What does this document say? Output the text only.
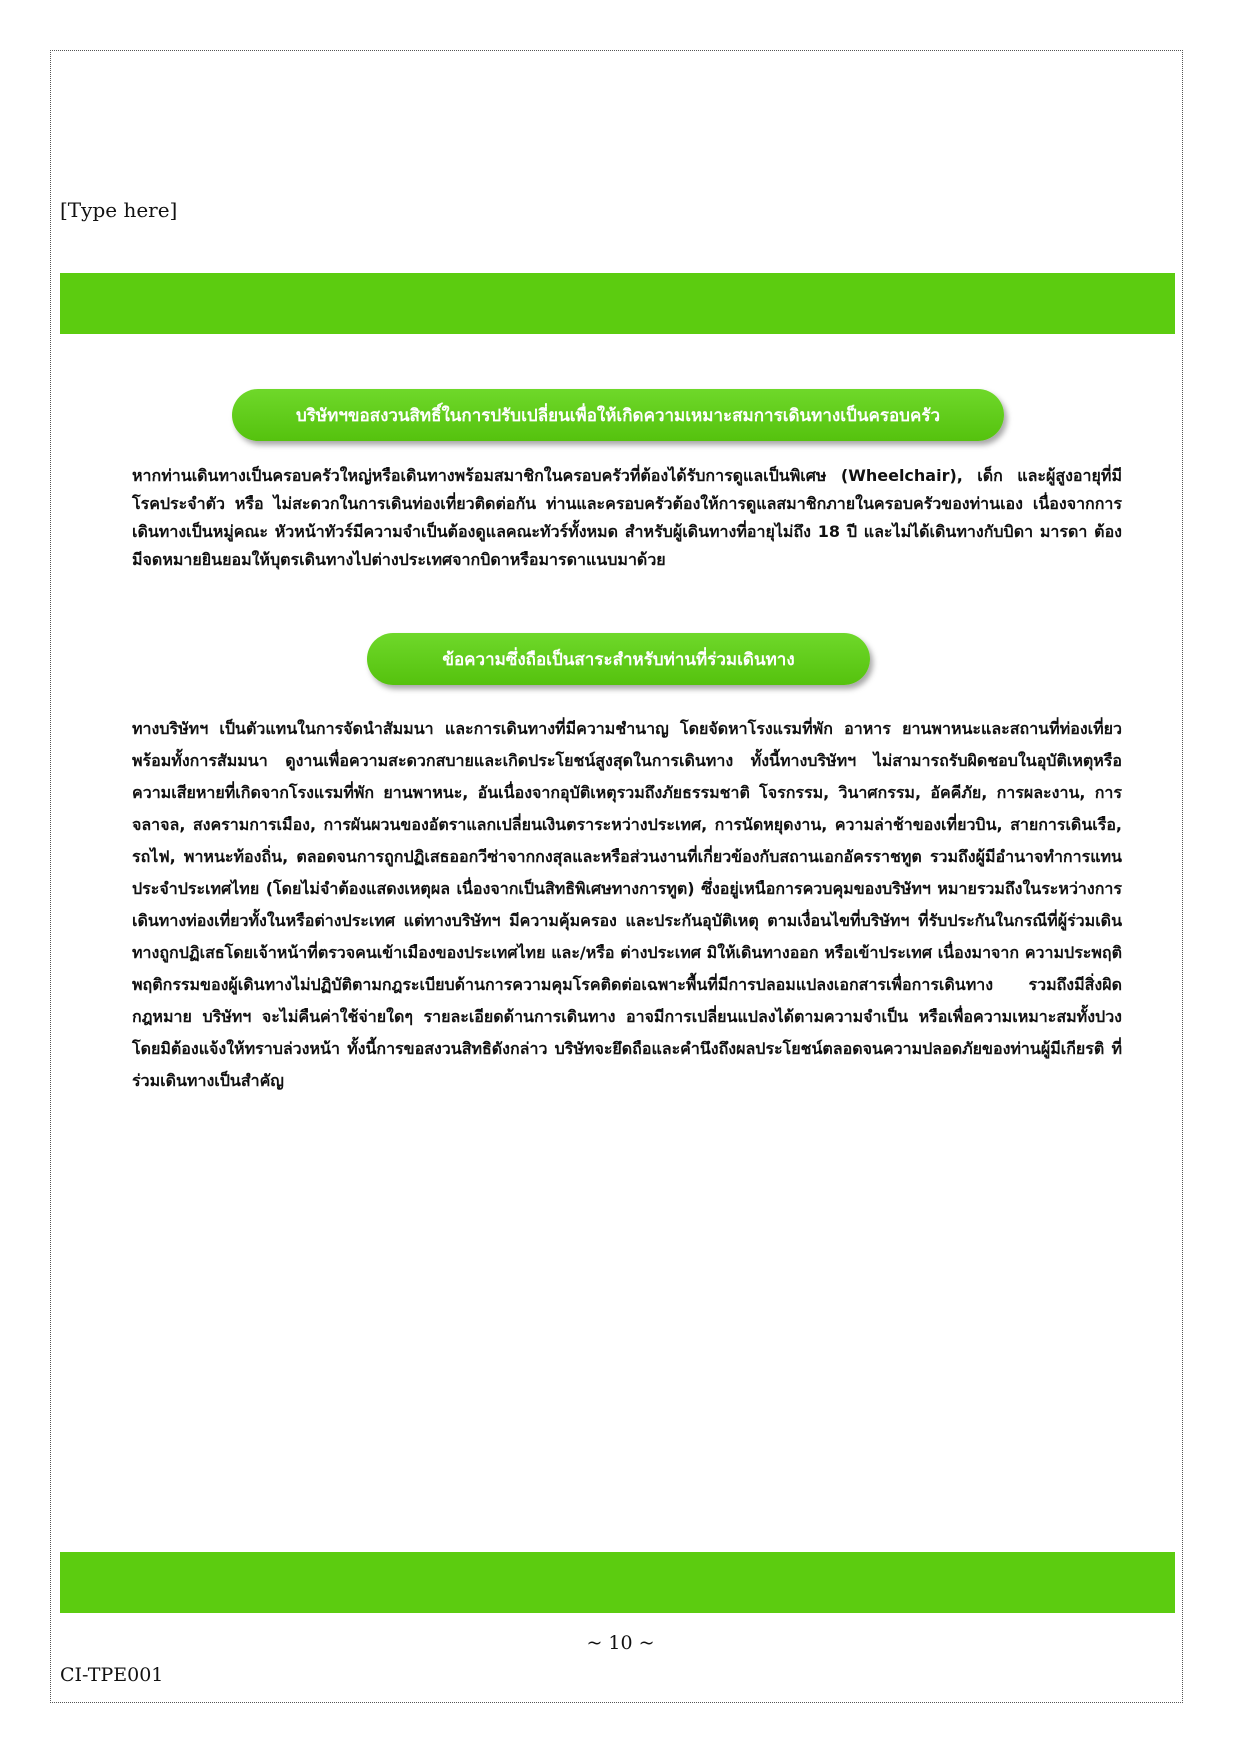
[Type here]
บริษัทฯขอสงวนสิทธิ์ในการปรับเปลี่ยนเพื่อให้เกิดความเหมาะสมการเดินทางเป็นครอบครัว

หากท่านเดินทางเป็นครอบครัวใหญ่หรือเดินทางพร้อมสมาชิกในครอบครัวที่ต้องได้รับการดูแลเป็นพิเศษ (Wheelchair), เด็ก และผู้สูงอายุที่มีโรคประจำตัว หรือ ไม่สะดวกในการเดินท่องเที่ยวติดต่อกัน ท่านและครอบครัวต้องให้การดูแลสมาชิกภายในครอบครัวของท่านเอง เนื่องจากการเดินทางเป็นหมู่คณะ หัวหน้าทัวร์มีความจำเป็นต้องดูแลคณะทัวร์ทั้งหมด สำหรับผู้เดินทางที่อายุไม่ถึง 18 ปี และไม่ได้เดินทางกับบิดา มารดา ต้องมีจดหมายยินยอมให้บุตรเดินทางไปต่างประเทศจากบิดาหรือมารดาแนบมาด้วย

ข้อความซึ่งถือเป็นสาระสำหรับท่านที่ร่วมเดินทาง

ทางบริษัทฯ เป็นตัวแทนในการจัดนำสัมมนา และการเดินทางที่มีความชำนาญ โดยจัดหาโรงแรมที่พัก อาหาร ยานพาหนะและสถานที่ท่องเที่ยวพร้อมทั้งการสัมมนา ดูงานเพื่อความสะดวกสบายและเกิดประโยชน์สูงสุดในการเดินทาง ทั้งนี้ทางบริษัทฯ ไม่สามารถรับผิดชอบในอุบัติเหตุหรือความเสียหายที่เกิดจากโรงแรมที่พัก ยานพาหนะ, อันเนื่องจากอุบัติเหตุรวมถึงภัยธรรมชาติ โจรกรรม, วินาศกรรม, อัคคีภัย, การผละงาน, การจลาจล, สงครามการเมือง, การผันผวนของอัตราแลกเปลี่ยนเงินตราระหว่างประเทศ, การนัดหยุดงาน, ความล่าช้าของเที่ยวบิน, สายการเดินเรือ, รถไฟ, พาหนะท้องถิ่น, ตลอดจนการถูกปฏิเสธออกวีซ่าจากกงสุลและหรือส่วนงานที่เกี่ยวข้องกับสถานเอกอัครราชทูต รวมถึงผู้มีอำนาจทำการแทนประจำประเทศไทย (โดยไม่จำต้องแสดงเหตุผล เนื่องจากเป็นสิทธิพิเศษทางการทูต) ซึ่งอยู่เหนือการควบคุมของบริษัทฯ หมายรวมถึงในระหว่างการเดินทางท่องเที่ยวทั้งในหรือต่างประเทศ แต่ทางบริษัทฯ มีความคุ้มครอง และประกันอุบัติเหตุ ตามเงื่อนไขที่บริษัทฯ ที่รับประกันในกรณีที่ผู้ร่วมเดินทางถูกปฏิเสธโดยเจ้าหน้าที่ตรวจคนเข้าเมืองของประเทศไทย และ/หรือ ต่างประเทศ มิให้เดินทางออก หรือเข้าประเทศ เนื่องมาจาก ความประพฤติ พฤติกรรมของผู้เดินทางไม่ปฏิบัติตามกฎระเบียบด้านการความคุมโรคติดต่อเฉพาะพื้นที่มีการปลอมแปลงเอกสารเพื่อการเดินทาง รวมถึงมีสิ่งผิดกฎหมาย บริษัทฯ จะไม่คืนค่าใช้จ่ายใดๆ รายละเอียดด้านการเดินทาง อาจมีการเปลี่ยนแปลงได้ตามความจำเป็น หรือเพื่อความเหมาะสมทั้งปวง โดยมิต้องแจ้งให้ทราบล่วงหน้า ทั้งนี้การขอสงวนสิทธิดังกล่าว บริษัทจะยึดถือและคำนึงถึงผลประโยชน์ตลอดจนความปลอดภัยของท่านผู้มีเกียรติ ที่ร่วมเดินทางเป็นสำคัญ

~ 10 ~
CI-TPE001
